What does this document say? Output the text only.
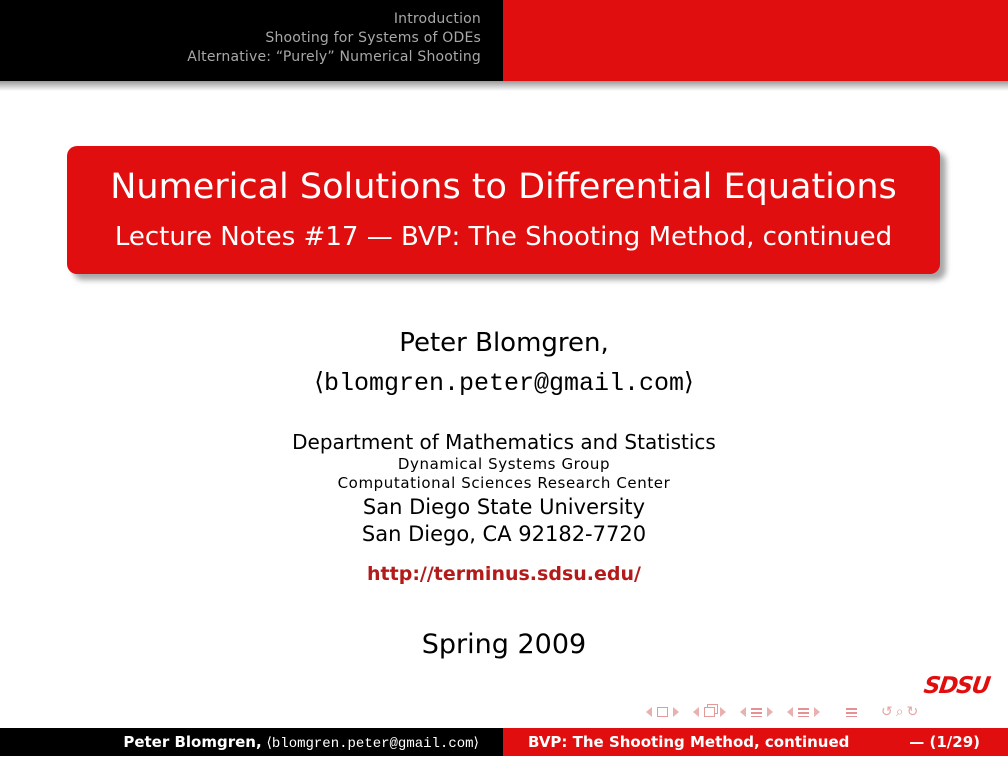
Introduction
Shooting for Systems of ODEs
Alternative: “Purely” Numerical Shooting
Numerical Solutions to Differential Equations
Lecture Notes #17 — BVP: The Shooting Method, continued
Peter Blomgren,
⟨blomgren.peter@gmail.com⟩
Department of Mathematics and Statistics
Dynamical Systems Group
Computational Sciences Research Center
San Diego State University
San Diego, CA 92182-7720
http://terminus.sdsu.edu/
Spring 2009
SDSU
↺ ⌕ ↻
Peter Blomgren, ⟨blomgren.peter@gmail.com⟩	BVP: The Shooting Method, continued	— (1/29)
